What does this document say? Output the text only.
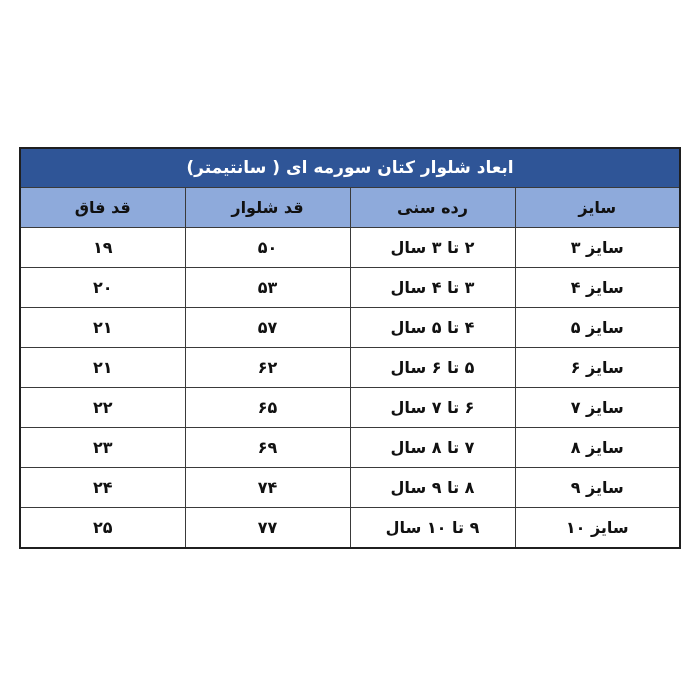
ابعاد شلوار کتان سورمه ای ( سانتیمتر)			
سایز	رده سنی	قد شلوار	قد فاق
سایز ۳	۲ تا ۳ سال	۵۰	۱۹
سایز ۴	۳ تا ۴ سال	۵۳	۲۰
سایز ۵	۴ تا ۵ سال	۵۷	۲۱
سایز ۶	۵ تا ۶ سال	۶۲	۲۱
سایز ۷	۶ تا ۷ سال	۶۵	۲۲
سایز ۸	۷ تا ۸ سال	۶۹	۲۳
سایز ۹	۸ تا ۹ سال	۷۴	۲۴
سایز ۱۰	۹ تا ۱۰ سال	۷۷	۲۵
